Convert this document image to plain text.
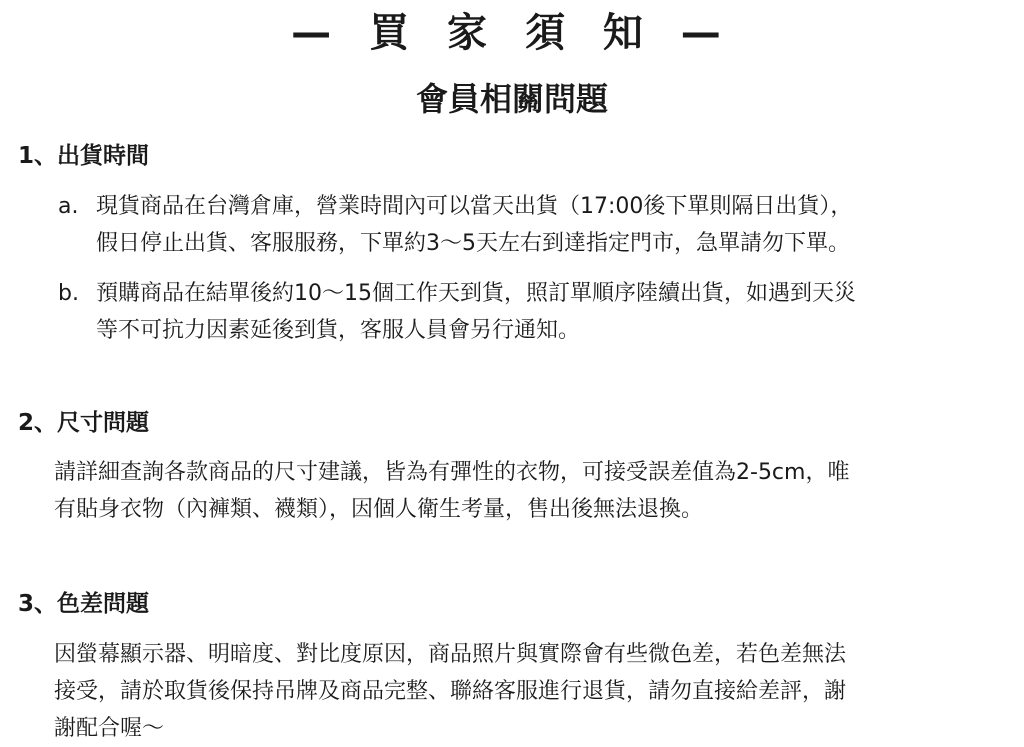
— 買 家 須 知 —
會員相關問題
1、出貨時間
a. 現貨商品在台灣倉庫，營業時間內可以當天出貨（17:00後下單則隔日出貨），
假日停止出貨、客服服務，下單約3～5天左右到達指定門市，急單請勿下單。
b. 預購商品在結單後約10～15個工作天到貨，照訂單順序陸續出貨，如遇到天災
等不可抗力因素延後到貨，客服人員會另行通知。
2、尺寸問題
請詳細查詢各款商品的尺寸建議，皆為有彈性的衣物，可接受誤差值為2-5cm，唯
有貼身衣物（內褲類、襪類），因個人衛生考量，售出後無法退換。
3、色差問題
因螢幕顯示器、明暗度、對比度原因，商品照片與實際會有些微色差，若色差無法
接受，請於取貨後保持吊牌及商品完整、聯絡客服進行退貨，請勿直接給差評，謝
謝配合喔～
